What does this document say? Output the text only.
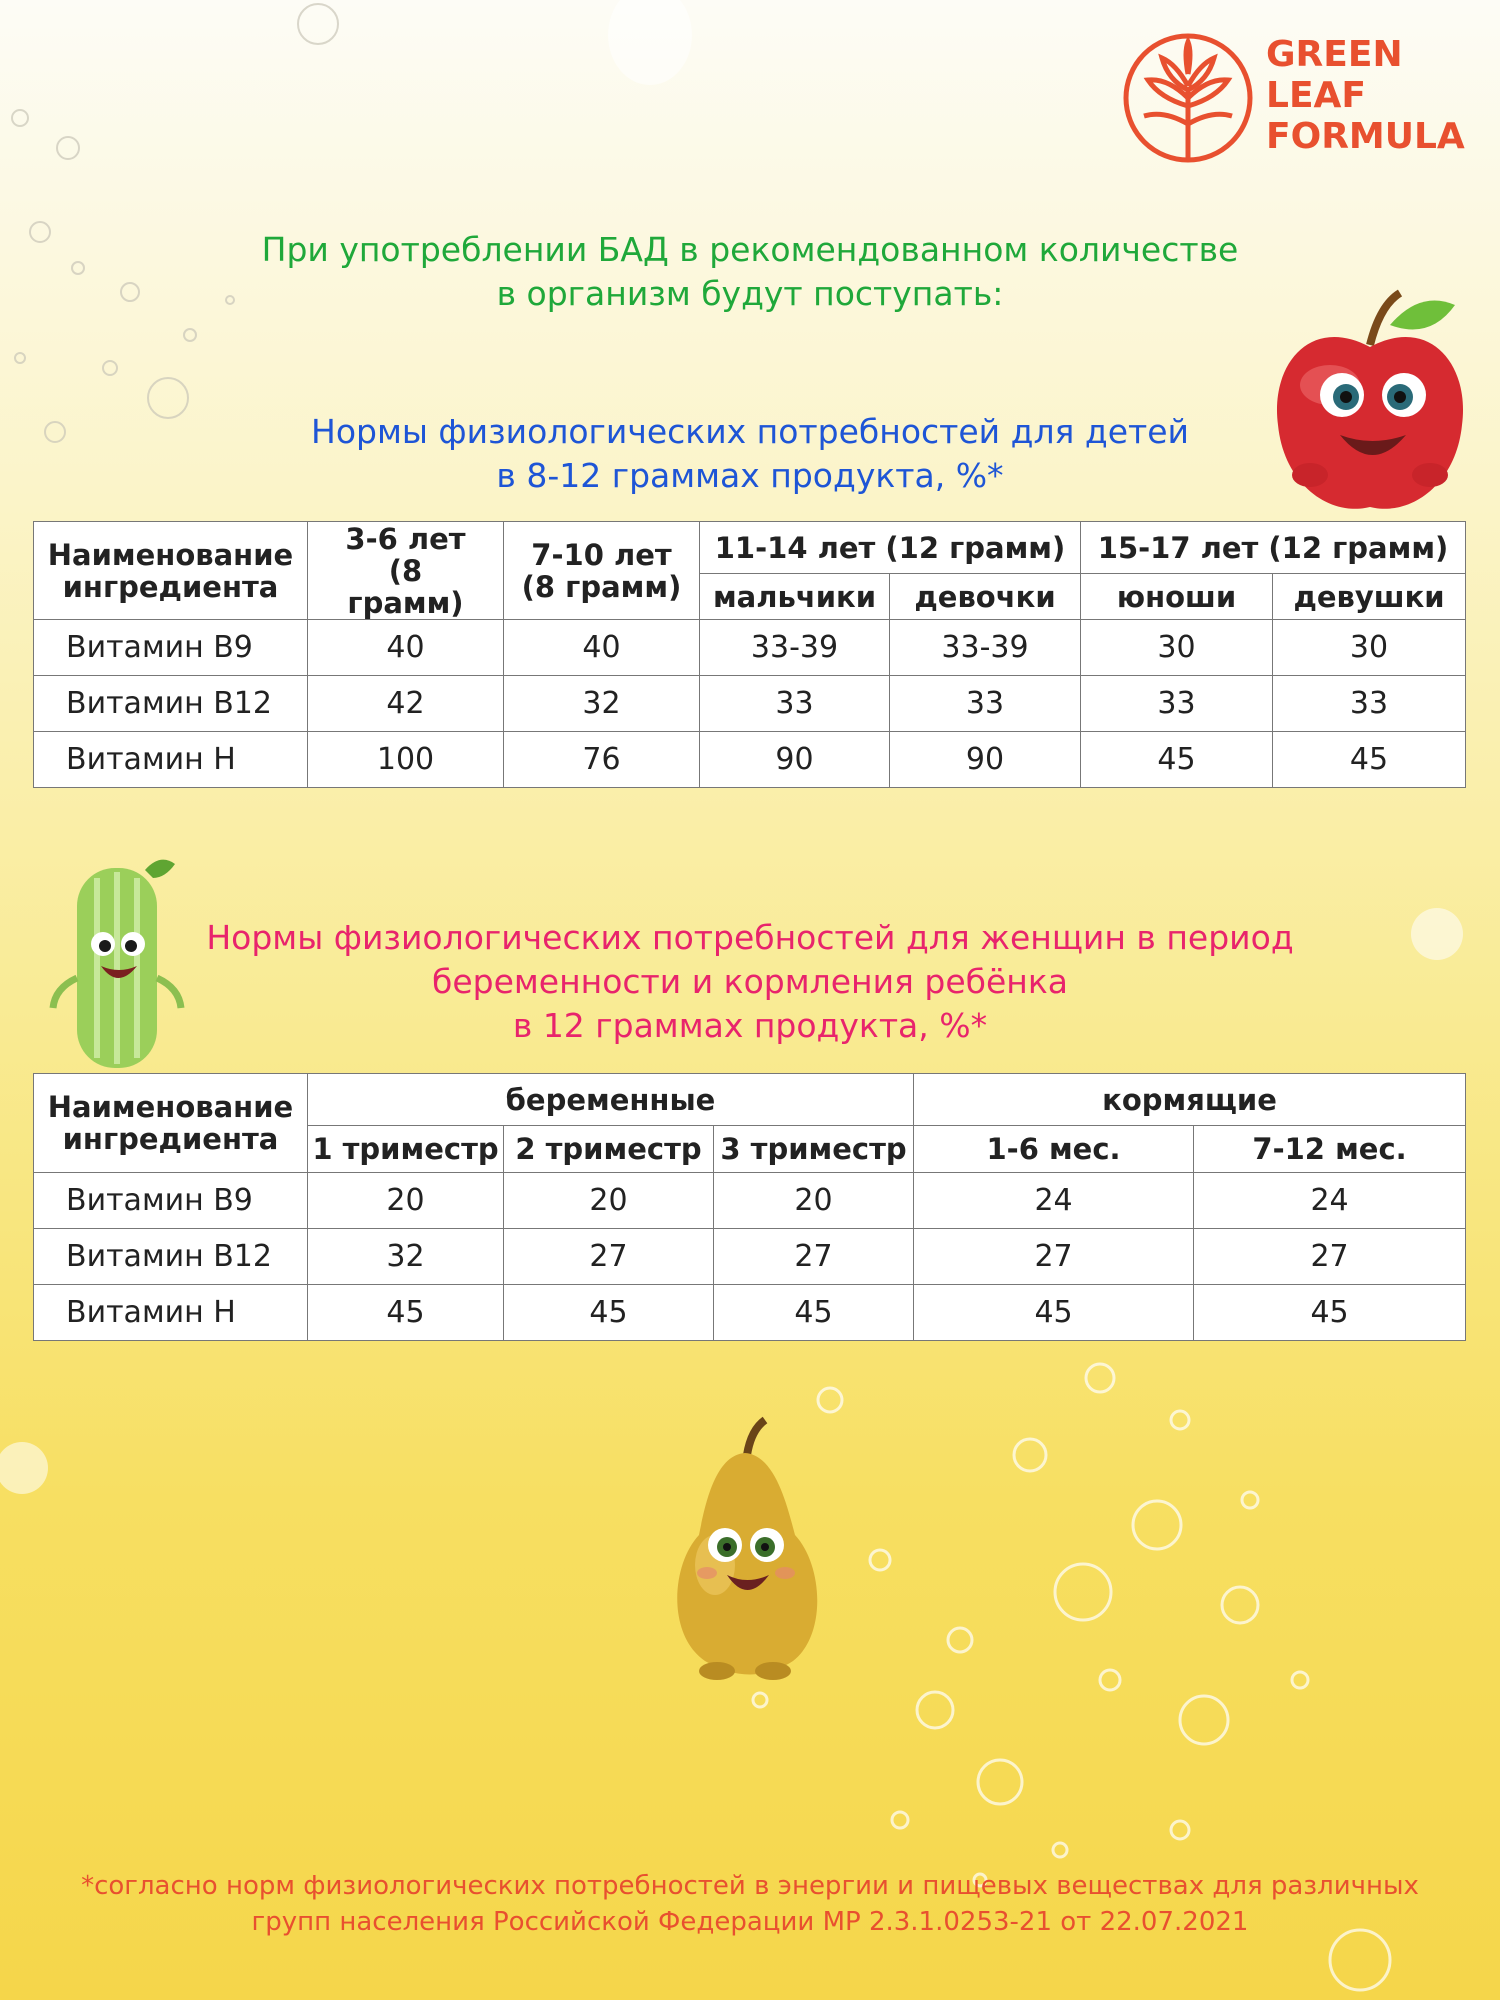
GREEN
LEAF
FORMULA
При употреблении БАД в рекомендованном количестве
в организм будут поступать:
Нормы физиологических потребностей для детей
в 8-12 граммах продукта, %*
Наименование ингредиента	3-6 лет (8 грамм)	7-10 лет (8 грамм)	11-14 лет (12 грамм)		15-17 лет (12 грамм)	
			мальчики	девочки	юноши	девушки
Витамин В9	40	40	33-39	33-39	30	30
Витамин В12	42	32	33	33	33	33
Витамин Н	100	76	90	90	45	45
Нормы физиологических потребностей для женщин в период
беременности и кормления ребёнка
в 12 граммах продукта, %*
Наименование ингредиента	беременные			кормящие	
	1 триместр	2 триместр	3 триместр	1-6 мес.	7-12 мес.
Витамин В9	20	20	20	24	24
Витамин В12	32	27	27	27	27
Витамин Н	45	45	45	45	45
*согласно норм физиологических потребностей в энергии и пищевых веществах для различных
групп населения Российской Федерации МР 2.3.1.0253-21 от 22.07.2021
